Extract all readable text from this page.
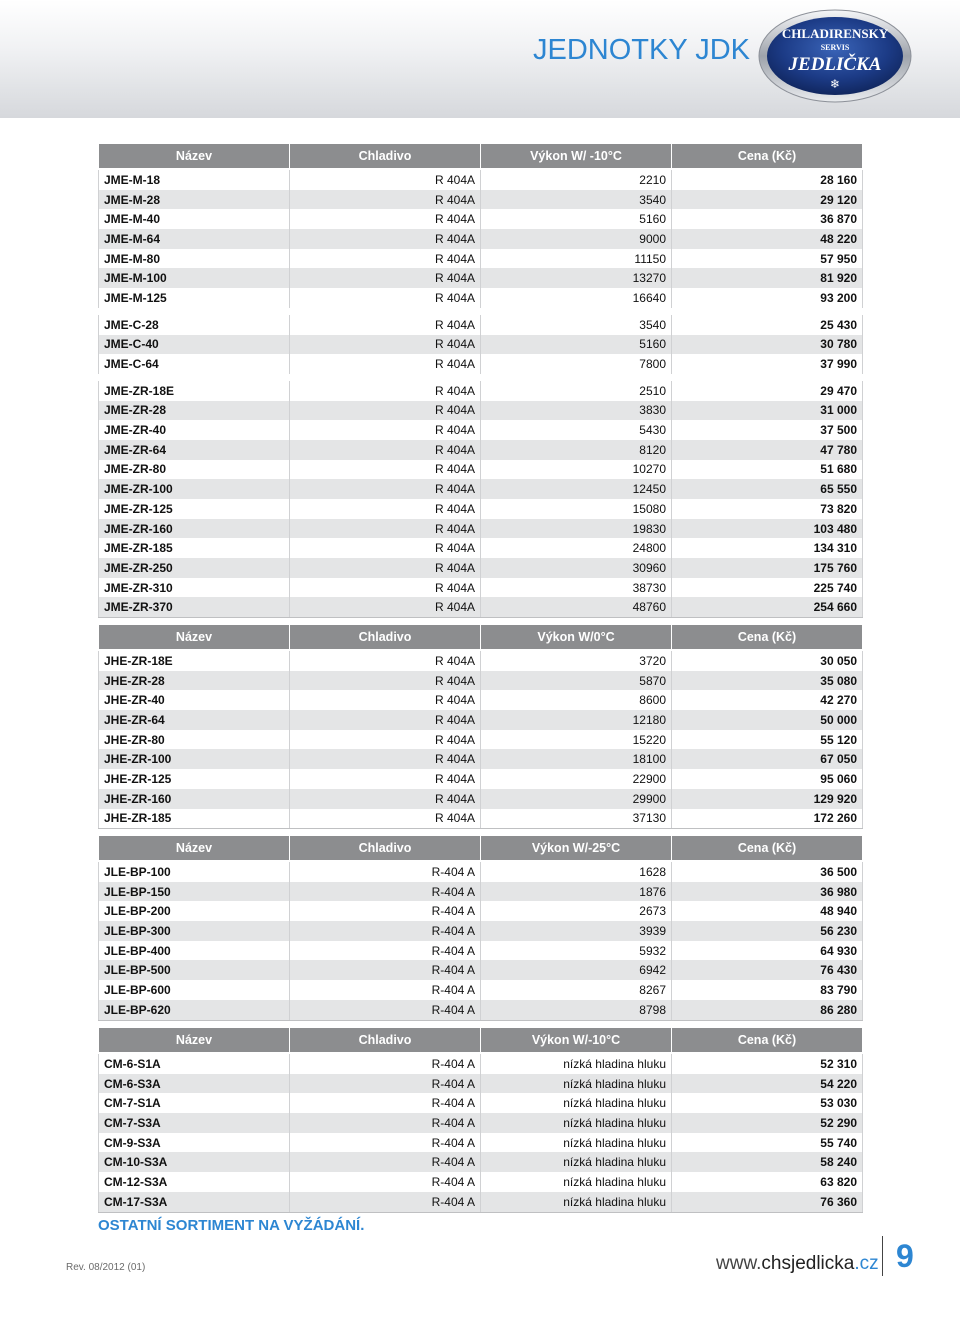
JEDNOTKY JDK
CHLADIRENSKY
SERVIS
JEDLIČKA
❄
Název	Chladivo	Výkon W/ -10°C	Cena (Kč)
JME-M-18	R 404A	2210	28 160
JME-M-28	R 404A	3540	29 120
JME-M-40	R 404A	5160	36 870
JME-M-64	R 404A	9000	48 220
JME-M-80	R 404A	11150	57 950
JME-M-100	R 404A	13270	81 920
JME-M-125	R 404A	16640	93 200

JME-C-28	R 404A	3540	25 430
JME-C-40	R 404A	5160	30 780
JME-C-64	R 404A	7800	37 990

JME-ZR-18E	R 404A	2510	29 470
JME-ZR-28	R 404A	3830	31 000
JME-ZR-40	R 404A	5430	37 500
JME-ZR-64	R 404A	8120	47 780
JME-ZR-80	R 404A	10270	51 680
JME-ZR-100	R 404A	12450	65 550
JME-ZR-125	R 404A	15080	73 820
JME-ZR-160	R 404A	19830	103 480
JME-ZR-185	R 404A	24800	134 310
JME-ZR-250	R 404A	30960	175 760
JME-ZR-310	R 404A	38730	225 740
JME-ZR-370	R 404A	48760	254 660
Název	Chladivo	Výkon W/0°C	Cena (Kč)
JHE-ZR-18E	R 404A	3720	30 050
JHE-ZR-28	R 404A	5870	35 080
JHE-ZR-40	R 404A	8600	42 270
JHE-ZR-64	R 404A	12180	50 000
JHE-ZR-80	R 404A	15220	55 120
JHE-ZR-100	R 404A	18100	67 050
JHE-ZR-125	R 404A	22900	95 060
JHE-ZR-160	R 404A	29900	129 920
JHE-ZR-185	R 404A	37130	172 260
Název	Chladivo	Výkon W/-25°C	Cena (Kč)
JLE-BP-100	R-404 A	1628	36 500
JLE-BP-150	R-404 A	1876	36 980
JLE-BP-200	R-404 A	2673	48 940
JLE-BP-300	R-404 A	3939	56 230
JLE-BP-400	R-404 A	5932	64 930
JLE-BP-500	R-404 A	6942	76 430
JLE-BP-600	R-404 A	8267	83 790
JLE-BP-620	R-404 A	8798	86 280
Název	Chladivo	Výkon W/-10°C	Cena (Kč)
CM-6-S1A	R-404 A	nízká hladina hluku	52 310
CM-6-S3A	R-404 A	nízká hladina hluku	54 220
CM-7-S1A	R-404 A	nízká hladina hluku	53 030
CM-7-S3A	R-404 A	nízká hladina hluku	52 290
CM-9-S3A	R-404 A	nízká hladina hluku	55 740
CM-10-S3A	R-404 A	nízká hladina hluku	58 240
CM-12-S3A	R-404 A	nízká hladina hluku	63 820
CM-17-S3A	R-404 A	nízká hladina hluku	76 360
OSTATNÍ SORTIMENT NA VYŽÁDÁNÍ.
Rev. 08/2012 (01)	www.chsjedlicka.cz 9
